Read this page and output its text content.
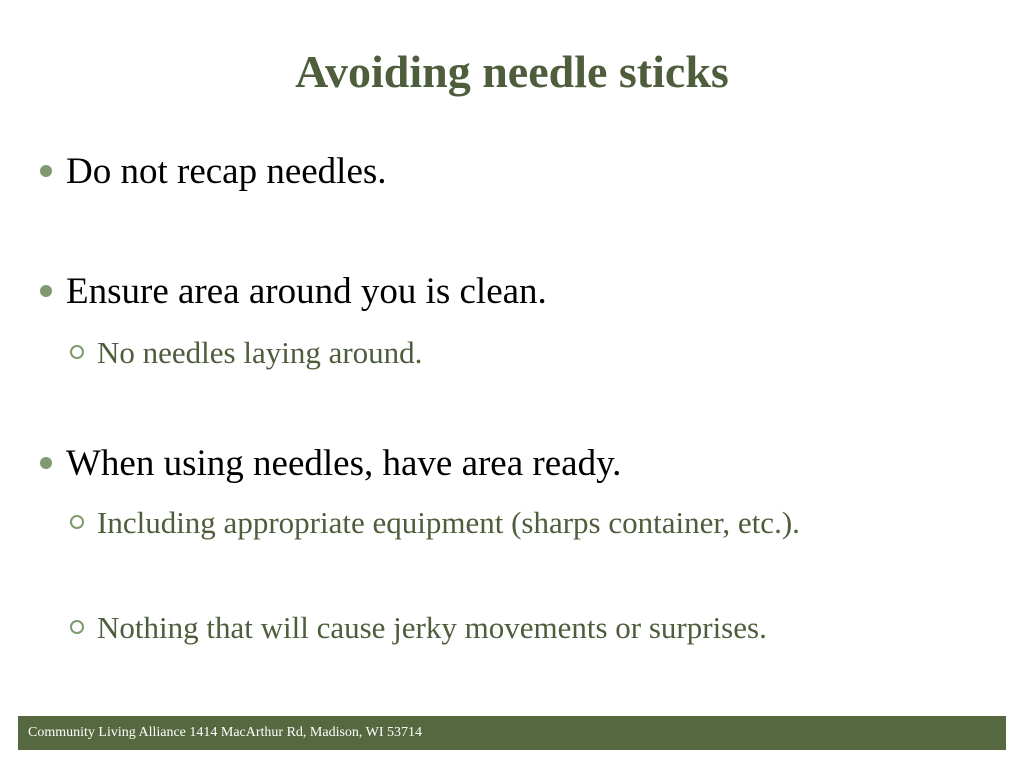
Avoiding needle sticks
Do not recap needles.
Ensure area around you is clean.
No needles laying around.
When using needles, have area ready.
Including appropriate equipment (sharps container, etc.).
Nothing that will cause jerky movements or surprises.
Community Living Alliance 1414 MacArthur Rd, Madison, WI 53714
